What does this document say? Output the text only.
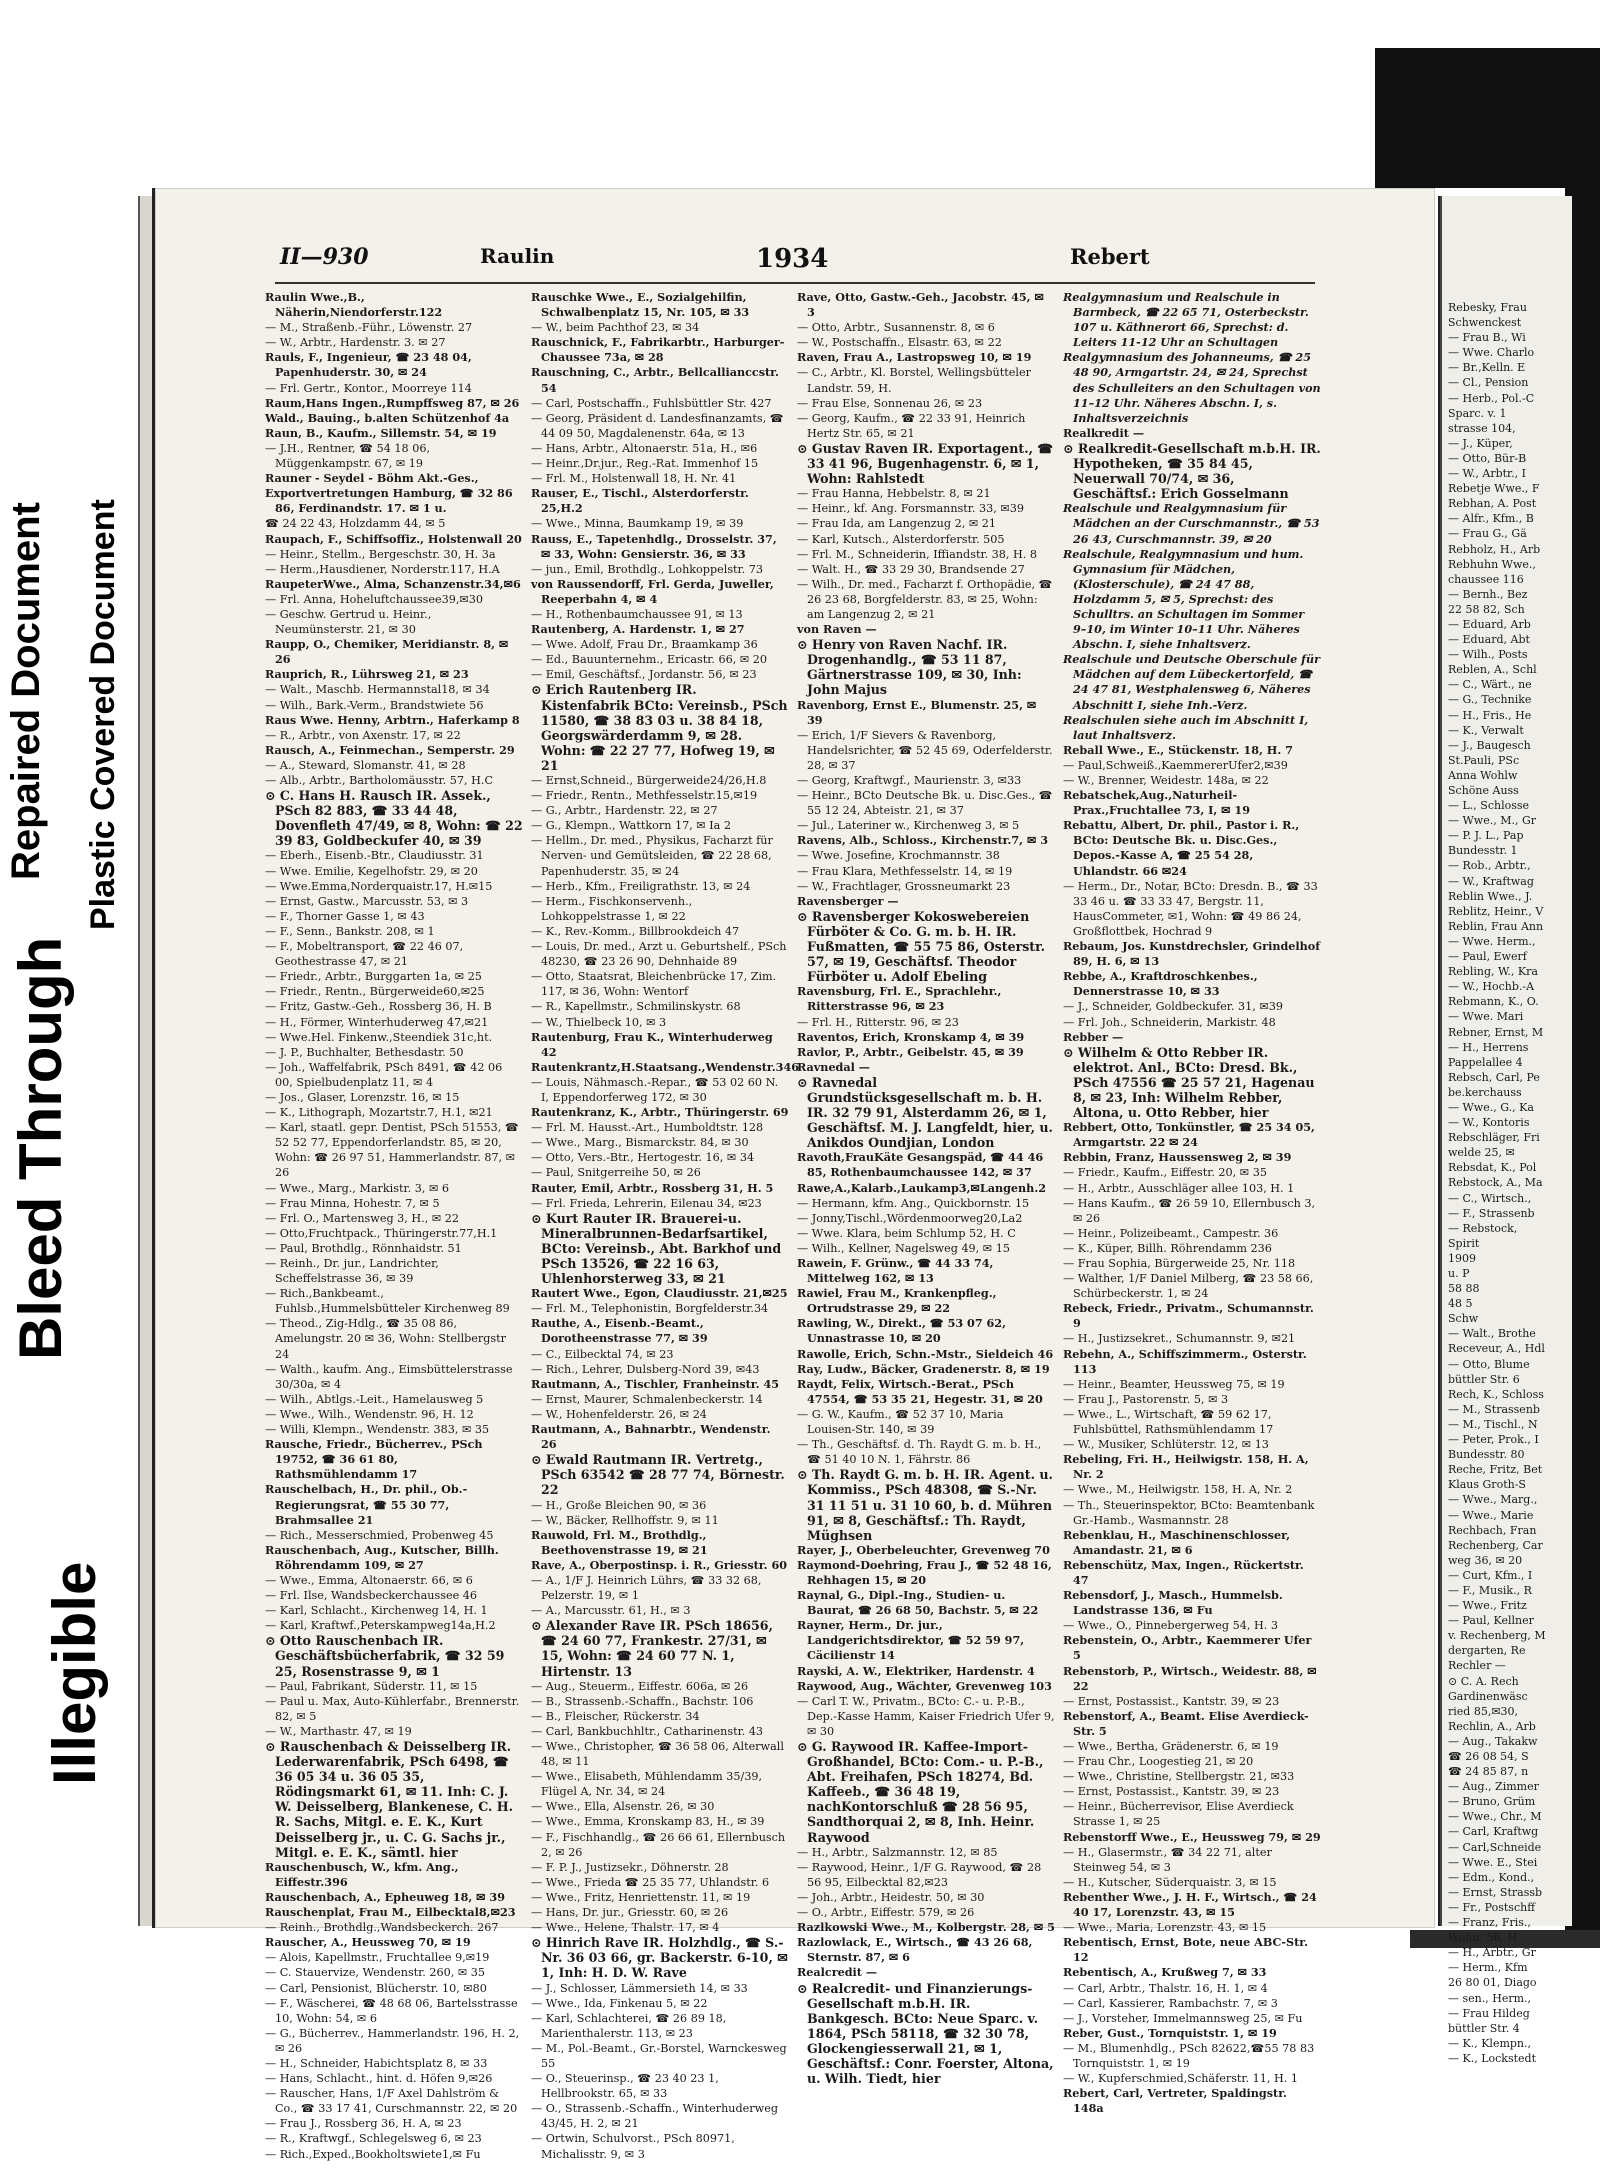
Bleed Through
Repaired Document Plastic Covered Document
Illegible
II—930	Raulin	1934	Rebert
Raulin Wwe.,B., Näherin,Niendorferstr.122
— M., Straßenb.-Führ., Löwenstr. 27
— W., Arbtr., Hardenstr. 3. ✉ 27
Rauls, F., Ingenieur, ☎ 23 48 04, Papenhuderstr. 30, ✉ 24
— Frl. Gertr., Kontor., Moorreye 114
Raum,Hans Ingen.,Rumpffsweg 87, ✉ 26
Wald., Bauing., b.alten Schützenhof 4a
Raun, B., Kaufm., Sillemstr. 54, ✉ 19
— J.H., Rentner, ☎ 54 18 06, Müggenkampstr. 67, ✉ 19
Rauner - Seydel - Böhm Akt.-Ges.,
Exportvertretungen Hamburg, ☎ 32 86 86, Ferdinandstr. 17. ✉ 1 u.
☎ 24 22 43, Holzdamm 44, ✉ 5
Raupach, F., Schiffsoffiz., Holstenwall 20
— Heinr., Stellm., Bergeschstr. 30, H. 3a
— Herm.,Hausdiener, Norderstr.117, H.A
RaupeterWwe., Alma, Schanzenstr.34,✉6
— Frl. Anna, Hoheluftchaussee39,✉30
— Geschw. Gertrud u. Heinr., Neumünsterstr. 21, ✉ 30
Raupp, O., Chemiker, Meridianstr. 8, ✉ 26
Rauprich, R., Lührsweg 21, ✉ 23
— Walt., Maschb. Hermannstal18, ✉ 34
— Wilh., Bark.-Verm., Brandstwiete 56
Raus Wwe. Henny, Arbtrn., Haferkamp 8
— R., Arbtr., von Axenstr. 17, ✉ 22
Rausch, A., Feinmechan., Semperstr. 29
— A., Steward, Slomanstr. 41, ✉ 28
— Alb., Arbtr., Bartholomäusstr. 57, H.C
⊙ C. Hans H. Rausch IR. Assek., PSch 82 883, ☎ 33 44 48, Dovenfleth 47/49, ✉ 8, Wohn: ☎ 22 39 83, Goldbeckufer 40, ✉ 39
— Eberh., Eisenb.-Btr., Claudiusstr. 31
— Wwe. Emilie, Kegelhofstr. 29, ✉ 20
— Wwe.Emma,Norderquaistr.17, H.✉15
— Ernst, Gastw., Marcusstr. 53, ✉ 3
— F., Thorner Gasse 1, ✉ 43
— F., Senn., Bankstr. 208, ✉ 1
— F., Mobeltransport, ☎ 22 46 07, Geothestrasse 47, ✉ 21
— Friedr., Arbtr., Burggarten 1a, ✉ 25
— Friedr., Rentn., Bürgerweide60,✉25
— Fritz, Gastw.-Geh., Rossberg 36, H. B
— H., Förmer, Winterhuderweg 47,✉21
— Wwe.Hel. Finkenw.,Steendiek 31c,ht.
— J. P., Buchhalter, Bethesdastr. 50
— Joh., Waffelfabrik, PSch 8491, ☎ 42 06 00, Spielbudenplatz 11, ✉ 4
— Jos., Glaser, Lorenzstr. 16, ✉ 15
— K., Lithograph, Mozartstr.7, H.1, ✉21
— Karl, staatl. gepr. Dentist, PSch 51553, ☎ 52 52 77, Eppendorferlandstr. 85, ✉ 20, Wohn: ☎ 26 97 51, Hammerlandstr. 87, ✉ 26
— Wwe., Marg., Markistr. 3, ✉ 6
— Frau Minna, Hohestr. 7, ✉ 5
— Frl. O., Martensweg 3, H., ✉ 22
— Otto,Fruchtpack., Thüringerstr.77,H.1
— Paul, Brothdlg., Rönnhaidstr. 51
— Reinh., Dr. jur., Landrichter, Scheffelstrasse 36, ✉ 39
— Rich.,Bankbeamt., Fuhlsb.,Hummelsbütteler Kirchenweg 89
— Theod., Zig-Hdlg., ☎ 35 08 86, Amelungstr. 20 ✉ 36, Wohn: Stellbergstr 24
— Walth., kaufm. Ang., Eimsbüttelerstrasse 30/30a, ✉ 4
— Wilh., Abtlgs.-Leit., Hamelausweg 5
— Wwe., Wilh., Wendenstr. 96, H. 12
— Willi, Klempn., Wendenstr. 383, ✉ 35
Rausche, Friedr., Bücherrev., PSch 19752, ☎ 36 61 80, Rathsmühlendamm 17
Rauschelbach, H., Dr. phil., Ob.-Regierungsrat, ☎ 55 30 77, Brahmsallee 21
— Rich., Messerschmied, Probenweg 45
Rauschenbach, Aug., Kutscher, Billh. Röhrendamm 109, ✉ 27
— Wwe., Emma, Altonaerstr. 66, ✉ 6
— Frl. Ilse, Wandsbeckerchaussee 46
— Karl, Schlacht., Kirchenweg 14, H. 1
— Karl, Kraftwf.,Peterskampweg14a,H.2
⊙ Otto Rauschenbach IR. Geschäftsbücherfabrik, ☎ 32 59 25, Rosenstrasse 9, ✉ 1
— Paul, Fabrikant, Süderstr. 11, ✉ 15
— Paul u. Max, Auto-Kühlerfabr., Brennerstr. 82, ✉ 5
— W., Marthastr. 47, ✉ 19
⊙ Rauschenbach & Deisselberg IR. Lederwarenfabrik, PSch 6498, ☎ 36 05 34 u. 36 05 35, Rödingsmarkt 61, ✉ 11. Inh: C. J. W. Deisselberg, Blankenese, C. H. R. Sachs, Mitgl. e. E. K., Kurt Deisselberg jr., u. C. G. Sachs jr., Mitgl. e. E. K., sämtl. hier
Rauschenbusch, W., kfm. Ang., Eiffestr.396
Rauschenbach, A., Epheuweg 18, ✉ 39
Rauschenplat, Frau M., Eilbecktal8,✉23
— Reinh., Brothdlg.,Wandsbeckerch. 267
Rauscher, A., Heussweg 70, ✉ 19
— Alois, Kapellmstr., Fruchtallee 9,✉19
— C. Stauervize, Wendenstr. 260, ✉ 35
— Carl, Pensionist, Blücherstr. 10, ✉80
— F., Wäscherei, ☎ 48 68 06, Bartelsstrasse 10, Wohn: 54, ✉ 6
— G., Bücherrev., Hammerlandstr. 196, H. 2, ✉ 26
— H., Schneider, Habichtsplatz 8, ✉ 33
— Hans, Schlacht., hint. d. Höfen 9,✉26
— Rauscher, Hans, 1/F Axel Dahlström & Co., ☎ 33 17 41, Curschmannstr. 22, ✉ 20
— Frau J., Rossberg 36, H. A, ✉ 23
— R., Kraftwgf., Schlegelsweg 6, ✉ 23
— Rich.,Exped.,Bookholtswiete1,✉ Fu
Rauschke Wwe., E., Sozialgehilfin, Schwalbenplatz 15, Nr. 105, ✉ 33
— W., beim Pachthof 23, ✉ 34
Rauschnick, F., Fabrikarbtr., Harburger-Chaussee 73a, ✉ 28
Rauschning, C., Arbtr., Bellcallianccstr. 54
— Carl, Postschaffn., Fuhlsbüttler Str. 427
— Georg, Präsident d. Landesfinanzamts, ☎ 44 09 50, Magdalenenstr. 64a, ✉ 13
— Hans, Arbtr., Altonaerstr. 51a, H., ✉6
— Heinr.,Dr.jur., Reg.-Rat. Immenhof 15
— Frl. M., Holstenwall 18, H. Nr. 41
Rauser, E., Tischl., Alsterdorferstr. 25,H.2
— Wwe., Minna, Baumkamp 19, ✉ 39
Rauss, E., Tapetenhdlg., Drosselstr. 37, ✉ 33, Wohn: Gensierstr. 36, ✉ 33
— jun., Emil, Brothdlg., Lohkoppelstr. 73
von Raussendorff, Frl. Gerda, Juweller, Reeperbahn 4, ✉ 4
— H., Rothenbaumchaussee 91, ✉ 13
Rautenberg, A. Hardenstr. 1, ✉ 27
— Wwe. Adolf, Frau Dr., Braamkamp 36
— Ed., Bauunternehm., Ericastr. 66, ✉ 20
— Emil, Geschäftsf., Jordanstr. 56, ✉ 23
⊙ Erich Rautenberg IR. Kistenfabrik BCto: Vereinsb., PSch 11580, ☎ 38 83 03 u. 38 84 18, Georgswärderdamm 9, ✉ 28. Wohn: ☎ 22 27 77, Hofweg 19, ✉ 21
— Ernst,Schneid., Bürgerweide24/26,H.8
— Friedr., Rentn., Methfesselstr.15,✉19
— G., Arbtr., Hardenstr. 22, ✉ 27
— G., Klempn., Wattkorn 17, ✉ Ia 2
— Hellm., Dr. med., Physikus, Facharzt für Nerven- und Gemütsleiden, ☎ 22 28 68, Papenhuderstr. 35, ✉ 24
— Herb., Kfm., Freiligrathstr. 13, ✉ 24
— Herm., Fischkonservenh., Lohkoppelstrasse 1, ✉ 22
— K., Rev.-Komm., Billbrookdeich 47
— Louis, Dr. med., Arzt u. Geburtshelf., PSch 48230, ☎ 23 26 90, Dehnhaide 89
— Otto, Staatsrat, Bleichenbrücke 17, Zim. 117, ✉ 36, Wohn: Wentorf
— R., Kapellmstr., Schmilinskystr. 68
— W., Thielbeck 10, ✉ 3
Rautenburg, Frau K., Winterhuderweg 42
Rautenkrantz,H.Staatsang.,Wendenstr.346
— Louis, Nähmasch.-Repar., ☎ 53 02 60 N. I, Eppendorferweg 172, ✉ 30
Rautenkranz, K., Arbtr., Thüringerstr. 69
— Frl. M. Hausst.-Art., Humboldtstr. 128
— Wwe., Marg., Bismarckstr. 84, ✉ 30
— Otto, Vers.-Btr., Hertogestr. 16, ✉ 34
— Paul, Snitgerreihe 50, ✉ 26
Rauter, Emil, Arbtr., Rossberg 31, H. 5
— Frl. Frieda, Lehrerin, Eilenau 34, ✉23
⊙ Kurt Rauter IR. Brauerei-u. Mineralbrunnen-Bedarfsartikel, BCto: Vereinsb., Abt. Barkhof und PSch 13526, ☎ 22 16 63, Uhlenhorsterweg 33, ✉ 21
Rautert Wwe., Egon, Claudiusstr. 21,✉25
— Frl. M., Telephonistin, Borgfelderstr.34
Rauthe, A., Eisenb.-Beamt., Dorotheenstrasse 77, ✉ 39
— C., Eilbecktal 74, ✉ 23
— Rich., Lehrer, Dulsberg-Nord 39, ✉43
Rautmann, A., Tischler, Franheinstr. 45
— Ernst, Maurer, Schmalenbeckerstr. 14
— W., Hohenfelderstr. 26, ✉ 24
Rautmann, A., Bahnarbtr., Wendenstr. 26
⊙ Ewald Rautmann IR. Vertretg., PSch 63542 ☎ 28 77 74, Börnestr. 22
— H., Große Bleichen 90, ✉ 36
— W., Bäcker, Rellhoffstr. 9, ✉ 11
Rauwold, Frl. M., Brothdlg., Beethovenstrasse 19, ✉ 21
Rave, A., Oberpostinsp. i. R., Griesstr. 60
— A., 1/F J. Heinrich Lührs, ☎ 33 32 68, Pelzerstr. 19, ✉ 1
— A., Marcusstr. 61, H., ✉ 3
⊙ Alexander Rave IR. PSch 18656, ☎ 24 60 77, Frankestr. 27/31, ✉ 15, Wohn: ☎ 24 60 77 N. 1, Hirtenstr. 13
— Aug., Steuerm., Eiffestr. 606a, ✉ 26
— B., Strassenb.-Schaffn., Bachstr. 106
— B., Fleischer, Rückerstr. 34
— Carl, Bankbuchhltr., Catharinenstr. 43
— Wwe., Christopher, ☎ 36 58 06, Alterwall 48, ✉ 11
— Wwe., Elisabeth, Mühlendamm 35/39, Flügel A, Nr. 34, ✉ 24
— Wwe., Ella, Alsenstr. 26, ✉ 30
— Wwe., Emma, Kronskamp 83, H., ✉ 39
— F., Fischhandlg., ☎ 26 66 61, Ellernbusch 2, ✉ 26
— F. P. J., Justizsekr., Döhnerstr. 28
— Wwe., Frieda ☎ 25 35 77, Uhlandstr. 6
— Wwe., Fritz, Henriettenstr. 11, ✉ 19
— Hans, Dr. jur., Griesstr. 60, ✉ 26
— Wwe., Helene, Thalstr. 17, ✉ 4
⊙ Hinrich Rave IR. Holzhdlg., ☎ S.-Nr. 36 03 66, gr. Backerstr. 6-10, ✉ 1, Inh: H. D. W. Rave
— J., Schlosser, Lämmersieth 14, ✉ 33
— Wwe., Ida, Finkenau 5, ✉ 22
— Karl, Schlachterei, ☎ 26 89 18, Marienthalerstr. 113, ✉ 23
— M., Pol.-Beamt., Gr.-Borstel, Warnckesweg 55
— O., Steuerinsp., ☎ 23 40 23 1, Hellbrookstr. 65, ✉ 33
— O., Strassenb.-Schaffn., Winterhuderweg 43/45, H. 2, ✉ 21
— Ortwin, Schulvorst., PSch 80971, Michalisstr. 9, ✉ 3
Rave, Otto, Gastw.-Geh., Jacobstr. 45, ✉ 3
— Otto, Arbtr., Susannenstr. 8, ✉ 6
— W., Postschaffn., Elsastr. 63, ✉ 22
Raven, Frau A., Lastropsweg 10, ✉ 19
— C., Arbtr., Kl. Borstel, Wellingsbütteler Landstr. 59, H.
— Frau Else, Sonnenau 26, ✉ 23
— Georg, Kaufm., ☎ 22 33 91, Heinrich Hertz Str. 65, ✉ 21
⊙ Gustav Raven IR. Exportagent., ☎ 33 41 96, Bugenhagenstr. 6, ✉ 1, Wohn: Rahlstedt
— Frau Hanna, Hebbelstr. 8, ✉ 21
— Heinr., kf. Ang. Forsmannstr. 33, ✉39
— Frau Ida, am Langenzug 2, ✉ 21
— Karl, Kutsch., Alsterdorferstr. 505
— Frl. M., Schneiderin, Iffiandstr. 38, H. 8
— Walt. H., ☎ 33 29 30, Brandsende 27
— Wilh., Dr. med., Facharzt f. Orthopädie, ☎ 26 23 68, Borgfelderstr. 83, ✉ 25, Wohn: am Langenzug 2, ✉ 21
von Raven —
⊙ Henry von Raven Nachf. IR. Drogenhandlg., ☎ 53 11 87, Gärtnerstrasse 109, ✉ 30, Inh: John Majus
Ravenborg, Ernst E., Blumenstr. 25, ✉ 39
— Erich, 1/F Sievers & Ravenborg, Handelsrichter, ☎ 52 45 69, Oderfelderstr. 28, ✉ 37
— Georg, Kraftwgf., Maurienstr. 3, ✉33
— Heinr., BCto Deutsche Bk. u. Disc.Ges., ☎ 55 12 24, Abteistr. 21, ✉ 37
— Jul., Lateriner w., Kirchenweg 3, ✉ 5
Ravens, Alb., Schloss., Kirchenstr.7, ✉ 3
— Wwe. Josefine, Krochmannstr. 38
— Frau Klara, Methfesselstr. 14, ✉ 19
— W., Frachtlager, Grossneumarkt 23
Ravensberger —
⊙ Ravensberger Kokoswebereien Fürböter & Co. G. m. b. H. IR. Fußmatten, ☎ 55 75 86, Osterstr. 57, ✉ 19, Geschäftsf. Theodor Fürböter u. Adolf Ebeling
Ravensburg, Frl. E., Sprachlehr., Ritterstrasse 96, ✉ 23
— Frl. H., Ritterstr. 96, ✉ 23
Raventos, Erich, Kronskamp 4, ✉ 39
Ravlor, P., Arbtr., Geibelstr. 45, ✉ 39
Ravnedal —
⊙ Ravnedal Grundstücksgesellschaft m. b. H. IR. 32 79 91, Alsterdamm 26, ✉ 1, Geschäftsf. M. J. Langfeldt, hier, u. Anikdos Oundjian, London
Ravoth,FrauKäte Gesangspäd, ☎ 44 46 85, Rothenbaumchaussee 142, ✉ 37
Rawe,A.,Kalarb.,Laukamp3,✉Langenh.2
— Hermann, kfm. Ang., Quickbornstr. 15
— Jonny,Tischl.,Wördenmoorweg20,La2
— Wwe. Klara, beim Schlump 52, H. C
— Wilh., Kellner, Nagelsweg 49, ✉ 15
Rawein, F. Grünw., ☎ 44 33 74, Mittelweg 162, ✉ 13
Rawiel, Frau M., Krankenpfleg., Ortrudstrasse 29, ✉ 22
Rawling, W., Direkt., ☎ 53 07 62, Unnastrasse 10, ✉ 20
Rawolle, Erich, Schn.-Mstr., Sieldeich 46
Ray, Ludw., Bäcker, Gradenerstr. 8, ✉ 19
Raydt, Felix, Wirtsch.-Berat., PSch 47554, ☎ 53 35 21, Hegestr. 31, ✉ 20
— G. W., Kaufm., ☎ 52 37 10, Maria Louisen-Str. 140, ✉ 39
— Th., Geschäftsf. d. Th. Raydt G. m. b. H., ☎ 51 40 10 N. 1, Fährstr. 86
⊙ Th. Raydt G. m. b. H. IR. Agent. u. Kommiss., PSch 48308, ☎ S.-Nr. 31 11 51 u. 31 10 60, b. d. Mühren 91, ✉ 8, Geschäftsf.: Th. Raydt, Müghsen
Rayer, J., Oberbeleuchter, Grevenweg 70
Raymond-Doehring, Frau J., ☎ 52 48 16, Rehhagen 15, ✉ 20
Raynal, G., Dipl.-Ing., Studien- u. Baurat, ☎ 26 68 50, Bachstr. 5, ✉ 22
Rayner, Herm., Dr. jur., Landgerichtsdirektor, ☎ 52 59 97, Cäcilienstr 14
Rayski, A. W., Elektriker, Hardenstr. 4
Raywood, Aug., Wächter, Grevenweg 103
— Carl T. W., Privatm., BCto: C.- u. P.-B., Dep.-Kasse Hamm, Kaiser Friedrich Ufer 9, ✉ 30
⊙ G. Raywood IR. Kaffee-Import-Großhandel, BCto: Com.- u. P.-B., Abt. Freihafen, PSch 18274, Bd. Kaffeeb., ☎ 36 48 19, nachKontorschluß ☎ 28 56 95, Sandthorquai 2, ✉ 8, Inh. Heinr. Raywood
— H., Arbtr., Salzmannstr. 12, ✉ 85
— Raywood, Heinr., 1/F G. Raywood, ☎ 28 56 95, Eilbecktal 82,✉23
— Joh., Arbtr., Heidestr. 50, ✉ 30
— O., Arbtr., Eiffestr. 579, ✉ 26
Razlkowski Wwe., M., Kolbergstr. 28, ✉ 5
Razlowlack, E., Wirtsch., ☎ 43 26 68, Sternstr. 87, ✉ 6
Realcredit —
⊙ Realcredit- und Finanzierungs-Gesellschaft m.b.H. IR. Bankgesch. BCto: Neue Sparc. v. 1864, PSch 58118, ☎ 32 30 78, Glockengiesserwall 21, ✉ 1, Geschäftsf.: Conr. Foerster, Altona, u. Wilh. Tiedt, hier
Realgymnasium und Realschule in Barmbeck, ☎ 22 65 71, Osterbeckstr. 107 u. Käthnerort 66, Sprechst: d. Leiters 11-12 Uhr an Schultagen
Realgymnasium des Johanneums, ☎ 25 48 90, Armgartstr. 24, ✉ 24, Sprechst des Schulleiters an den Schultagen von 11–12 Uhr. Näheres Abschn. I, s. Inhaltsverzeichnis
Realkredit —
⊙ Realkredit-Gesellschaft m.b.H. IR. Hypotheken, ☎ 35 84 45, Neuerwall 70/74, ✉ 36, Geschäftsf.: Erich Gosselmann
Realschule und Realgymnasium für Mädchen an der Curschmannstr., ☎ 53 26 43, Curschmannstr. 39, ✉ 20
Realschule, Realgymnasium und hum. Gymnasium für Mädchen, (Klosterschule), ☎ 24 47 88, Holzdamm 5, ✉ 5, Sprechst: des Schulltrs. an Schultagen im Sommer 9–10, im Winter 10–11 Uhr. Näheres Abschn. I, siehe Inhaltsverz.
Realschule und Deutsche Oberschule für Mädchen auf dem Lübeckertorfeld, ☎ 24 47 81, Westphalensweg 6, Näheres Abschnitt I, siehe Inh.-Verz.
Realschulen siehe auch im Abschnitt I, laut Inhaltsverz.
Reball Wwe., E., Stückenstr. 18, H. 7
— Paul,Schweiß.,KaemmererUfer2,✉39
— W., Brenner, Weidestr. 148a, ✉ 22
Rebatschek,Aug.,Naturheil-Prax.,Fruchtallee 73, I, ✉ 19
Rebattu, Albert, Dr. phil., Pastor i. R., BCto: Deutsche Bk. u. Disc.Ges., Depos.-Kasse A, ☎ 25 54 28, Uhlandstr. 66 ✉24
— Herm., Dr., Notar, BCto: Dresdn. B., ☎ 33 33 46 u. ☎ 33 33 47, Bergstr. 11, HausCommeter, ✉1, Wohn: ☎ 49 86 24, Großflottbek, Hochrad 9
Rebaum, Jos. Kunstdrechsler, Grindelhof 89, H. 6, ✉ 13
Rebbe, A., Kraftdroschkenbes., Dennerstrasse 10, ✉ 33
— J., Schneider, Goldbeckufer. 31, ✉39
— Frl. Joh., Schneiderin, Markistr. 48
Rebber —
⊙ Wilhelm & Otto Rebber IR. elektrot. Anl., BCto: Dresd. Bk., PSch 47556 ☎ 25 57 21, Hagenau 8, ✉ 23, Inh: Wilhelm Rebber, Altona, u. Otto Rebber, hier
Rebbert, Otto, Tonkünstler, ☎ 25 34 05, Armgartstr. 22 ✉ 24
Rebbin, Franz, Haussensweg 2, ✉ 39
— Friedr., Kaufm., Eiffestr. 20, ✉ 35
— H., Arbtr., Ausschläger allee 103, H. 1
— Hans Kaufm., ☎ 26 59 10, Ellernbusch 3, ✉ 26
— Heinr., Polizeibeamt., Campestr. 36
— K., Küper, Billh. Röhrendamm 236
— Frau Sophia, Bürgerweide 25, Nr. 118
— Walther, 1/F Daniel Milberg, ☎ 23 58 66, Schürbeckerstr. 1, ✉ 24
Rebeck, Friedr., Privatm., Schumannstr. 9
— H., Justizsekret., Schumannstr. 9, ✉21
Rebehn, A., Schiffszimmerm., Osterstr. 113
— Heinr., Beamter, Heussweg 75, ✉ 19
— Frau J., Pastorenstr. 5, ✉ 3
— Wwe., L., Wirtschaft, ☎ 59 62 17, Fuhlsbüttel, Rathsmühlendamm 17
— W., Musiker, Schlüterstr. 12, ✉ 13
Rebeling, Fri. H., Heilwigstr. 158, H. A, Nr. 2
— Wwe., M., Heilwigstr. 158, H. A, Nr. 2
— Th., Steuerinspektor, BCto: Beamtenbank Gr.-Hamb., Wasmannstr. 28
Rebenklau, H., Maschinenschlosser, Amandastr. 21, ✉ 6
Rebenschütz, Max, Ingen., Rückertstr. 47
Rebensdorf, J., Masch., Hummelsb. Landstrasse 136, ✉ Fu
— Wwe., O., Pinnebergerweg 54, H. 3
Rebenstein, O., Arbtr., Kaemmerer Ufer 5
Rebenstorb, P., Wirtsch., Weidestr. 88, ✉22
— Ernst, Postassist., Kantstr. 39, ✉ 23
Rebenstorf, A., Beamt. Elise Averdieck-Str. 5
— Wwe., Bertha, Grädenerstr. 6, ✉ 19
— Frau Chr., Loogestieg 21, ✉ 20
— Wwe., Christine, Stellbergstr. 21, ✉33
— Ernst, Postassist., Kantstr. 39, ✉ 23
— Heinr., Bücherrevisor, Elise Averdieck Strasse 1, ✉ 25
Rebenstorff Wwe., E., Heussweg 79, ✉ 29
— H., Glasermstr., ☎ 34 22 71, alter Steinweg 54, ✉ 3
— H., Kutscher, Süderquaistr. 3, ✉ 15
Rebenther Wwe., J. H. F., Wirtsch., ☎ 24 40 17, Lorenzstr. 43, ✉ 15
— Wwe., Maria, Lorenzstr. 43, ✉ 15
Rebentisch, Ernst, Bote, neue ABC-Str. 12
Rebentisch, A., Krußweg 7, ✉ 33
— Carl, Arbtr., Thalstr. 16, H. 1, ✉ 4
— Carl, Kassierer, Rambachstr. 7, ✉ 3
— J., Vorsteher, Immelmannsweg 25, ✉ Fu
Reber, Gust., Tornquiststr. 1, ✉ 19
— M., Blumenhdlg., PSch 82622,☎55 78 83 Tornquiststr. 1, ✉ 19
— W., Kupferschmied,Schäferstr. 11, H. 1
Rebert, Carl, Vertreter, Spaldingstr. 148a
Rebesky, Frau
Schwenckest
— Frau B., Wi
— Wwe. Charlo
— Br.,Kelln. E
— Cl., Pension
— Herb., Pol.-C
Sparc. v. 1
strasse 104,
— J., Küper,
— Otto, Bür-B
— W., Arbtr., I
Rebetje Wwe., F
Rebhan, A. Post
— Alfr., Kfm., B
— Frau G., Gä
Rebholz, H., Arb
Rebhuhn Wwe.,
chaussee 116
— Bernh., Bez
22 58 82, Sch
— Eduard, Arb
— Eduard, Abt
— Wilh., Posts
Reblen, A., Schl
— C., Wärt., ne
— G., Technike
— H., Fris., He
— K., Verwalt
— J., Baugesch
St.Pauli, PSc
Anna Wohlw
Schöne Auss
— L., Schlosse
— Wwe., M., Gr
— P. J. L., Pap
Bundesstr. 1
— Rob., Arbtr.,
— W., Kraftwag
Reblin Wwe., J.
Reblitz, Heinr., V
Reblin, Frau Ann
— Wwe. Herm.,
— Paul, Ewerf
Rebling, W., Kra
— W., Hochb.-A
Rebmann, K., O.
— Wwe. Mari
Rebner, Ernst, M
— H., Herrens
Pappelallee 4
Rebsch, Carl, Pe
be.kerchauss
— Wwe., G., Ka
— W., Kontoris
Rebschläger, Fri
welde 25, ✉
Rebsdat, K., Pol
Rebstock, A., Ma
— C., Wirtsch.,
— F., Strassenb
— Rebstock,
Spirit
1909
u. P
58 88
48 5
Schw
— Walt., Brothe
Receveur, A., Hdl
— Otto, Blume
büttler Str. 6
Rech, K., Schloss
— M., Strassenb
— M., Tischl., N
— Peter, Prok., I
Bundesstr. 80
Reche, Fritz, Bet
Klaus Groth-S
— Wwe., Marg.,
— Wwe., Marie
Rechbach, Fran
Rechenberg, Car
weg 36, ✉ 20
— Curt, Kfm., I
— F., Musik., R
— Wwe., Fritz
— Paul, Kellner
v. Rechenberg, M
dergarten, Re
Rechler —
⊙ C. A. Rech
Gardinenwäsc
ried 85,✉30,
Rechlin, A., Arb
— Aug., Takakw
☎ 26 08 54, S
☎ 24 85 87, n
— Aug., Zimmer
— Bruno, Grüm
— Wwe., Chr., M
— Carl, Kraftwg
— Carl,Schneide
— Wwe. E., Stei
— Edm., Kond.,
— Ernst, Strassb
— Fr., Postschff
— Franz, Fris.,
Wohn: 56, H
— H., Arbtr., Gr
— Herm., Kfm
26 80 01, Diago
— sen., Herm.,
— Frau Hildeg
büttler Str. 4
— K., Klempn.,
— K., Lockstedt
